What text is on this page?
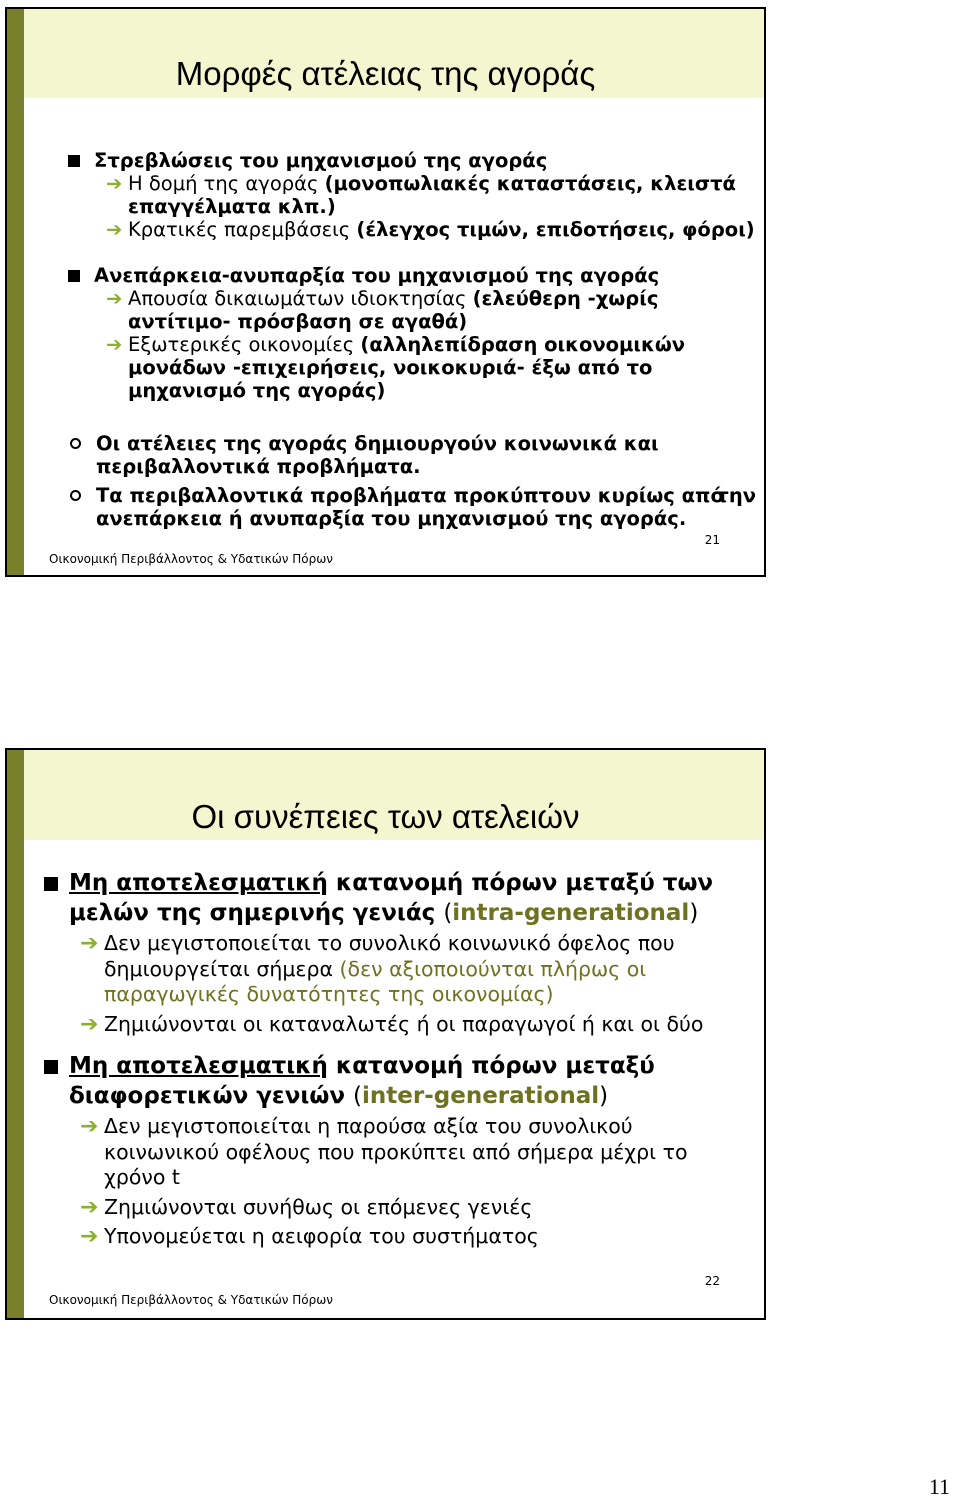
Μορφές ατέλειας της αγοράς
Στρεβλώσεις του μηχανισμού της αγοράς
➔ Η δομή της αγοράς (μονοπωλιακές καταστάσεις, κλειστά επαγγέλματα κλπ.)
➔ Κρατικές παρεμβάσεις (έλεγχος τιμών, επιδοτήσεις, φόροι)
Ανεπάρκεια-ανυπαρξία του μηχανισμού της αγοράς
➔ Απουσία δικαιωμάτων ιδιοκτησίας (ελεύθερη -χωρίς αντίτιμο- πρόσβαση σε αγαθά)
➔ Εξωτερικές οικονομίες (αλληλεπίδραση οικονομικών μονάδων -επιχειρήσεις, νοικοκυριά- έξω από το μηχανισμό της αγοράς)
Οι ατέλειες της αγοράς δημιουργούν κοινωνικά και περιβαλλοντικά προβλήματα.
Τα περιβαλλοντικά προβλήματα προκύπτουν κυρίως από
την

ανεπάρκεια ή ανυπαρξία του μηχανισμού της αγοράς.
21
Οικονομική Περιβάλλοντος & Υδατικών Πόρων
Οι συνέπειες των ατελειών
Μη αποτελεσματική κατανομή πόρων μεταξύ των μελών της σημερινής γενιάς (intra-generational)
➔ Δεν μεγιστοποιείται το συνολικό κοινωνικό όφελος που δημιουργείται σήμερα (δεν αξιοποιούνται πλήρως οι παραγωγικές δυνατότητες της οικονομίας)
➔ Ζημιώνονται οι καταναλωτές ή οι παραγωγοί ή και οι δύο
Μη αποτελεσματική κατανομή πόρων μεταξύ διαφορετικών γενιών (inter-generational)
➔ Δεν μεγιστοποιείται η παρούσα αξία του συνολικού κοινωνικού οφέλους που προκύπτει από σήμερα μέχρι το χρόνο t
➔ Ζημιώνονται συνήθως οι επόμενες γενιές
➔ Υπονομεύεται η αειφορία του συστήματος
22
Οικονομική Περιβάλλοντος & Υδατικών Πόρων
11
